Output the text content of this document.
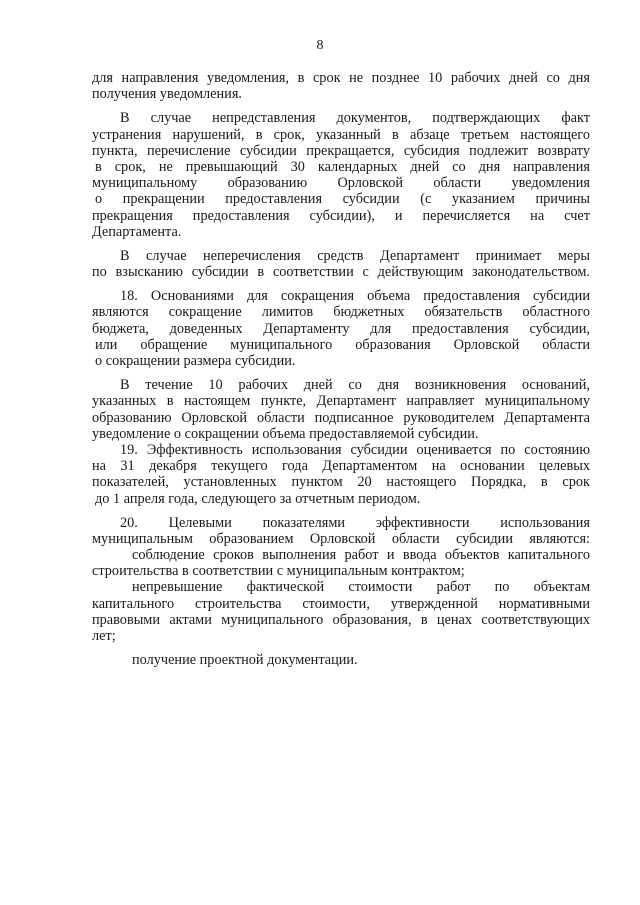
8
для направления уведомления, в срок не позднее 10 рабочих дней со дня
получения уведомления.
В случае непредставления документов, подтверждающих факт
устранения нарушений, в срок, указанный в абзаце третьем настоящего
пункта, перечисление субсидии прекращается, субсидия подлежит возврату
в срок, не превышающий 30 календарных дней со дня направления
муниципальному образованию Орловской области уведомления
о прекращении предоставления субсидии (с указанием причины
прекращения предоставления субсидии), и перечисляется на счет
Департамента.
В случае неперечисления средств Департамент принимает меры
по взысканию субсидии в соответствии с действующим законодательством.
18. Основаниями для сокращения объема предоставления субсидии
являются сокращение лимитов бюджетных обязательств областного
бюджета, доведенных Департаменту для предоставления субсидии,
или обращение муниципального образования Орловской области
о сокращении размера субсидии.
В течение 10 рабочих дней со дня возникновения оснований,
указанных в настоящем пункте, Департамент направляет муниципальному
образованию Орловской области подписанное руководителем Департамента
уведомление о сокращении объема предоставляемой субсидии.
19. Эффективность использования субсидии оценивается по состоянию
на 31 декабря текущего года Департаментом на основании целевых
показателей, установленных пунктом 20 настоящего Порядка, в срок
до 1 апреля года, следующего за отчетным периодом.
20. Целевыми показателями эффективности использования
муниципальным образованием Орловской области субсидии являются:
соблюдение сроков выполнения работ и ввода объектов капитального
строительства в соответствии с муниципальным контрактом;
непревышение фактической стоимости работ по объектам
капитального строительства стоимости, утвержденной нормативными
правовыми актами муниципального образования, в ценах соответствующих
лет;
получение проектной документации.
